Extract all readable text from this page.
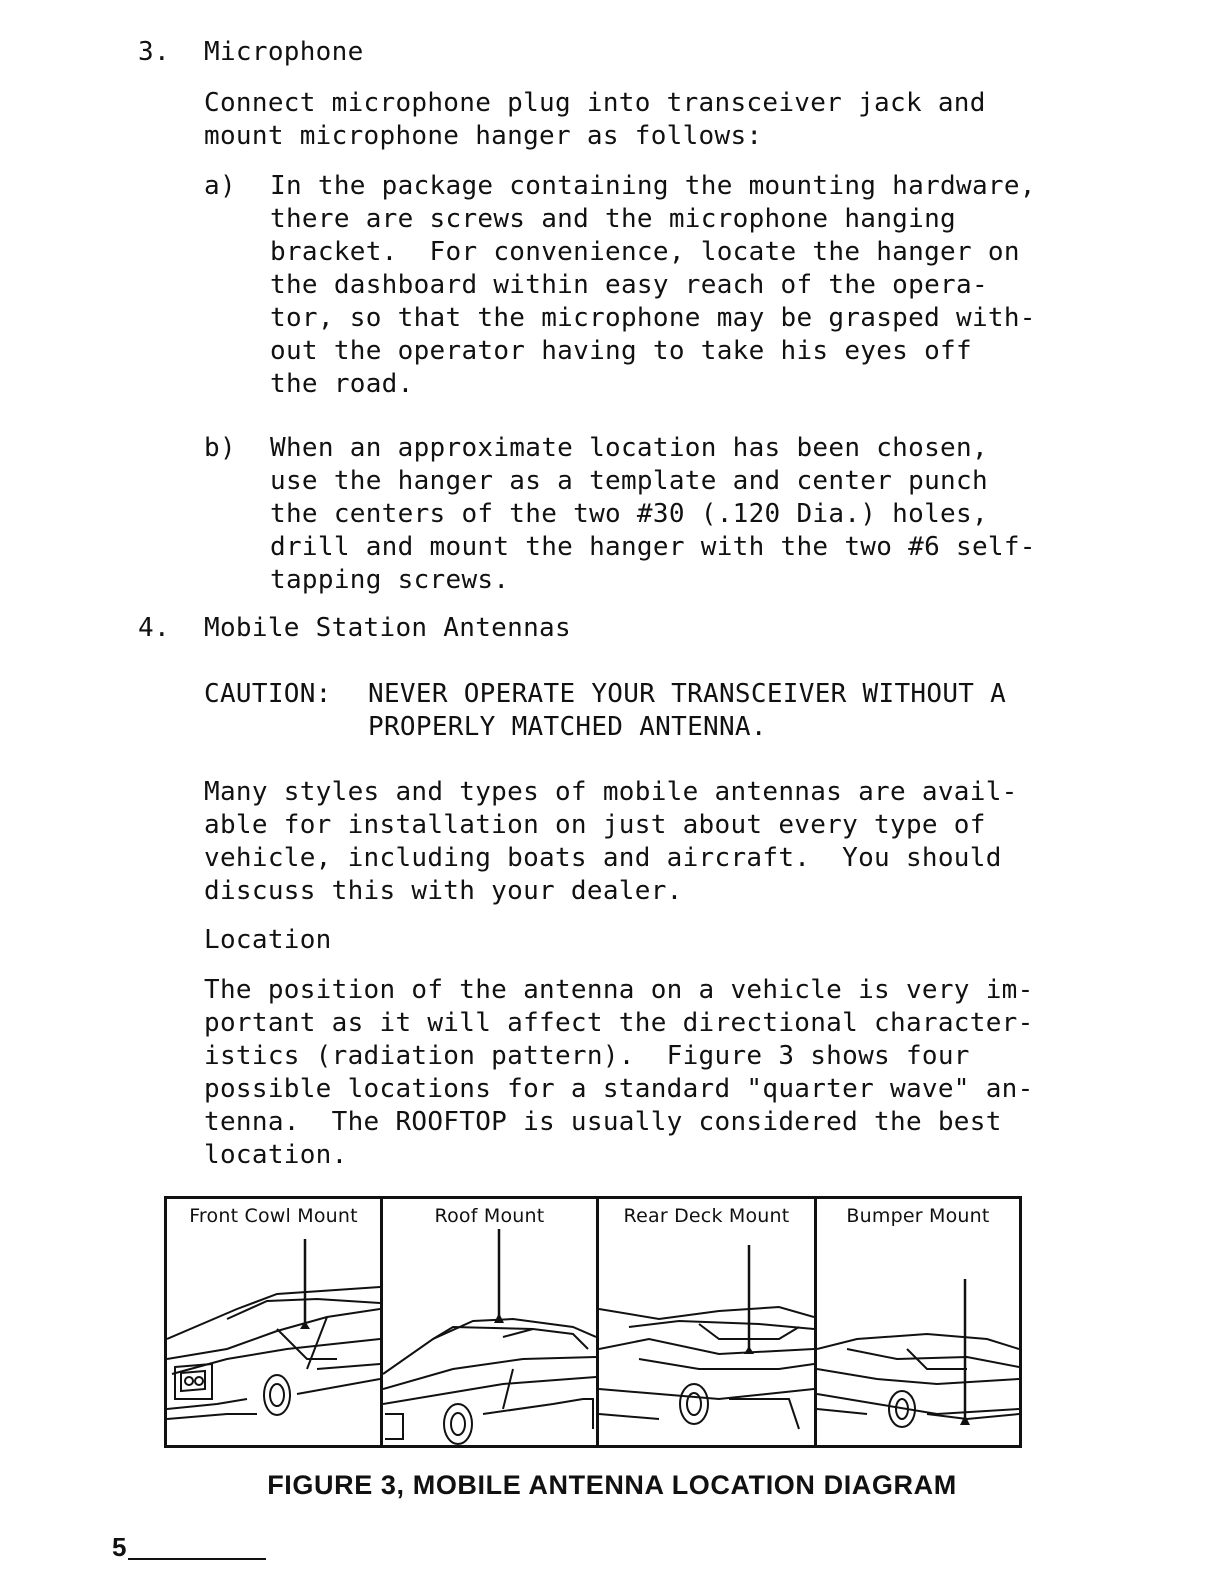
3. Microphone
Connect microphone plug into transceiver jack and
mount microphone hanger as follows:
a) In the package containing the mounting hardware,
there are screws and the microphone hanging
bracket.  For convenience, locate the hanger on
the dashboard within easy reach of the opera-
tor, so that the microphone may be grasped with-
out the operator having to take his eyes off
the road.
b) When an approximate location has been chosen,
use the hanger as a template and center punch
the centers of the two #30 (.120 Dia.) holes,
drill and mount the hanger with the two #6 self-
tapping screws.
4. Mobile Station Antennas
CAUTION: NEVER OPERATE YOUR TRANSCEIVER WITHOUT A
PROPERLY MATCHED ANTENNA.
Many styles and types of mobile antennas are avail-
able for installation on just about every type of
vehicle, including boats and aircraft.  You should
discuss this with your dealer.
Location
The position of the antenna on a vehicle is very im-
portant as it will affect the directional character-
istics (radiation pattern).  Figure 3 shows four
possible locations for a standard "quarter wave" an-
tenna.  The ROOFTOP is usually considered the best
location.
Front Cowl Mount	Roof Mount	Rear Deck Mount	Bumper Mount
FIGURE 3, MOBILE ANTENNA LOCATION DIAGRAM
5
